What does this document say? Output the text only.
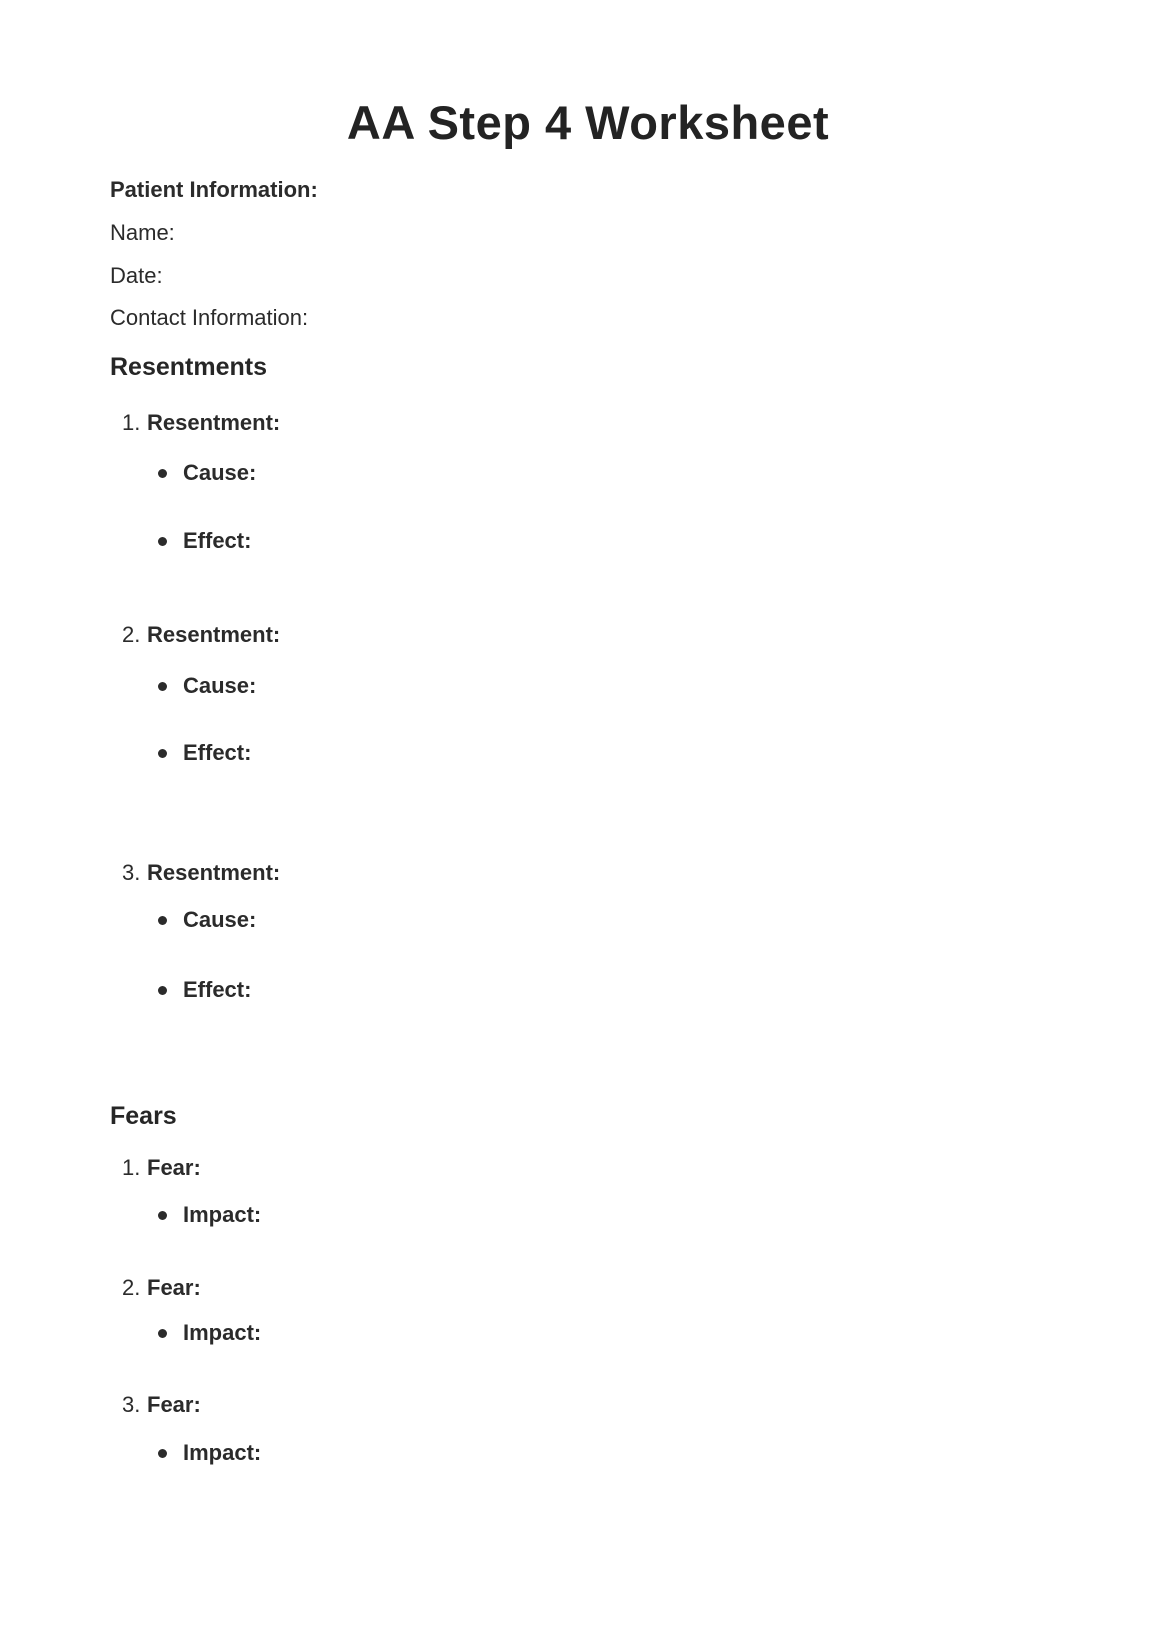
AA Step 4 Worksheet

Patient Information:

Name:

Date:

Contact Information:

Resentments
1. Resentment:
Cause:
Effect:
2. Resentment:
Cause:
Effect:
3. Resentment:
Cause:
Effect:
Fears
1. Fear:
Impact:
2. Fear:
Impact:
3. Fear:
Impact:
